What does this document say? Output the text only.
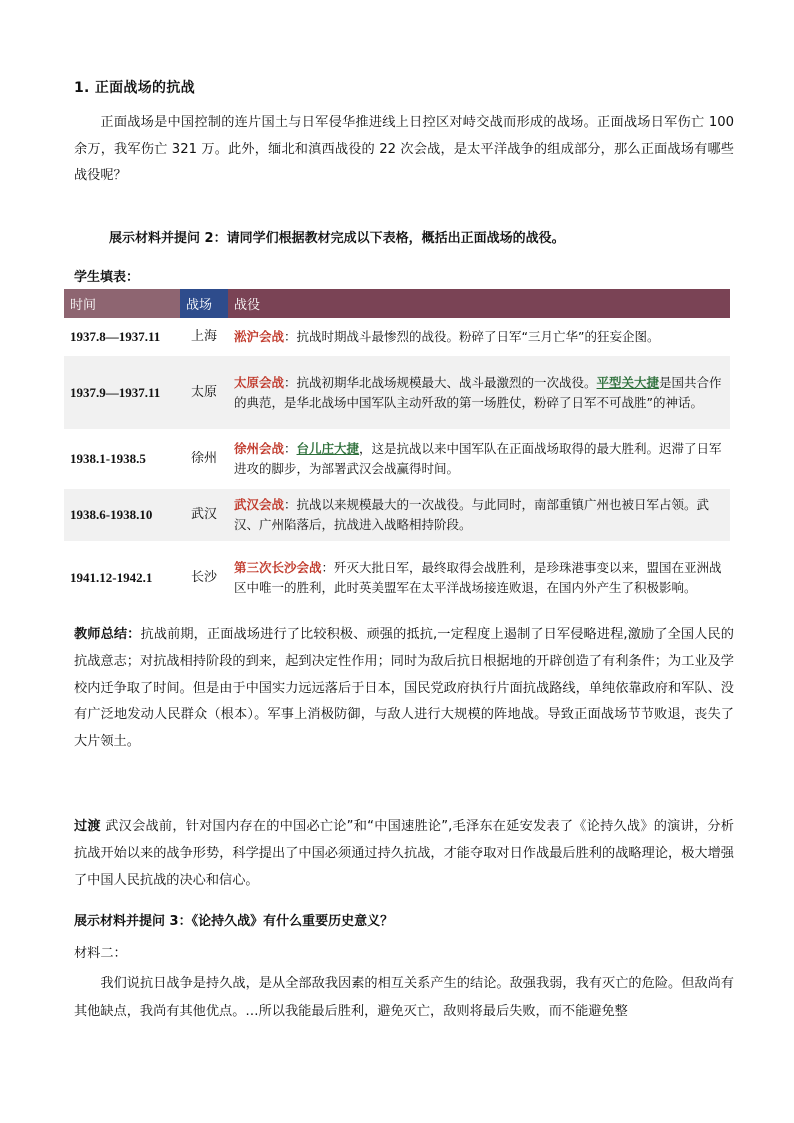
1. 正面战场的抗战
正面战场是中国控制的连片国土与日军侵华推进线上日控区对峙交战而形成的战场。正面战场日军伤亡 100 余万，我军伤亡 321 万。此外，缅北和滇西战役的 22 次会战，是太平洋战争的组成部分，那么正面战场有哪些战役呢？
展示材料并提问 2：请同学们根据教材完成以下表格，概括出正面战场的战役。
学生填表：
时间	战场	战役
1937.8—1937.11	上海	淞沪会战：抗战时期战斗最惨烈的战役。粉碎了日军“三月亡华”的狂妄企图。
1937.9—1937.11	太原	太原会战：抗战初期华北战场规模最大、战斗最激烈的一次战役。平型关大捷是国共合作的典范，是华北战场中国军队主动歼敌的第一场胜仗，粉碎了日军不可战胜”的神话。
1938.1-1938.5	徐州	徐州会战：台儿庄大捷，这是抗战以来中国军队在正面战场取得的最大胜利。迟滞了日军进攻的脚步，为部署武汉会战赢得时间。
1938.6-1938.10	武汉	武汉会战：抗战以来规模最大的一次战役。与此同时，南部重镇广州也被日军占领。武汉、广州陷落后，抗战进入战略相持阶段。
1941.12-1942.1	长沙	第三次长沙会战：歼灭大批日军，最终取得会战胜利，是珍珠港事变以来，盟国在亚洲战区中唯一的胜利，此时英美盟军在太平洋战场接连败退，在国内外产生了积极影响。
教师总结：抗战前期，正面战场进行了比较积极、顽强的抵抗,一定程度上遏制了日军侵略进程,激励了全国人民的抗战意志；对抗战相持阶段的到来，起到决定性作用；同时为敌后抗日根据地的开辟创造了有利条件；为工业及学校内迁争取了时间。但是由于中国实力远远落后于日本，国民党政府执行片面抗战路线，单纯依靠政府和军队、没有广泛地发动人民群众（根本）。军事上消极防御，与敌人进行大规模的阵地战。导致正面战场节节败退，丧失了大片领土。
过渡 武汉会战前，针对国内存在的中国必亡论”和“中国速胜论”,毛泽东在延安发表了《论持久战》的演讲，分析抗战开始以来的战争形势，科学提出了中国必须通过持久抗战，才能夺取对日作战最后胜利的战略理论，极大增强了中国人民抗战的决心和信心。
展示材料并提问 3：《论持久战》有什么重要历史意义？
材料二：
我们说抗日战争是持久战，是从全部敌我因素的相互关系产生的结论。敌强我弱，我有灭亡的危险。但敌尚有其他缺点，我尚有其他优点。…所以我能最后胜利，避免灭亡，敌则将最后失败，而不能避免整
